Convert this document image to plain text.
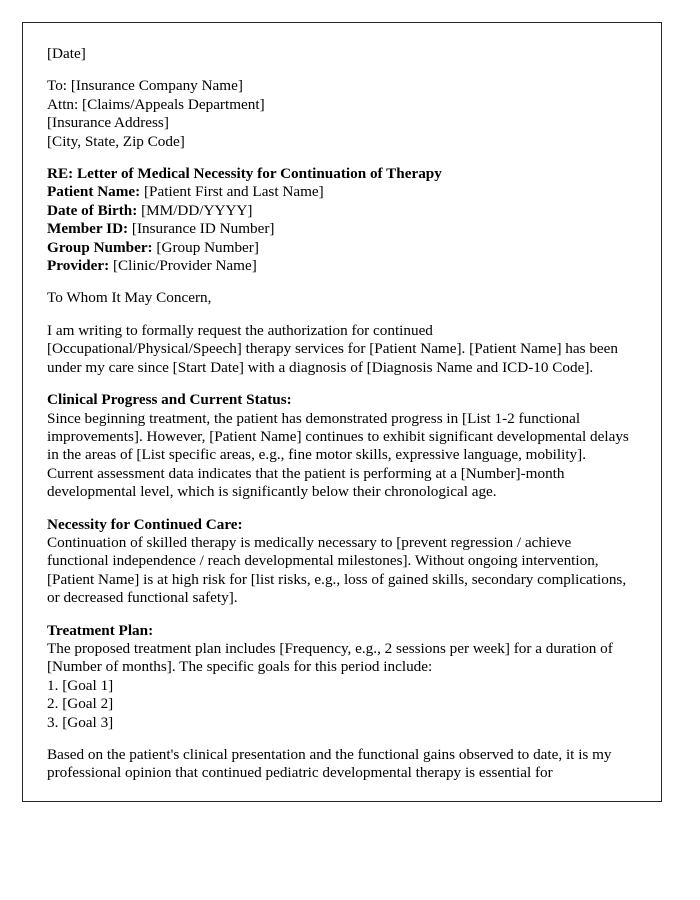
[Date]
To: [Insurance Company Name]
Attn: [Claims/Appeals Department]
[Insurance Address]
[City, State, Zip Code]
RE: Letter of Medical Necessity for Continuation of Therapy
Patient Name: [Patient First and Last Name]
Date of Birth: [MM/DD/YYYY]
Member ID: [Insurance ID Number]
Group Number: [Group Number]
Provider: [Clinic/Provider Name]
To Whom It May Concern,
I am writing to formally request the authorization for continued
[Occupational/Physical/Speech] therapy services for [Patient Name]. [Patient Name] has been under my care since [Start Date] with a diagnosis of [Diagnosis Name and ICD-10 Code].
Clinical Progress and Current Status:
Since beginning treatment, the patient has demonstrated progress in [List 1-2 functional improvements]. However, [Patient Name] continues to exhibit significant developmental delays in the areas of [List specific areas, e.g., fine motor skills, expressive language, mobility]. Current assessment data indicates that the patient is performing at a [Number]-month developmental level, which is significantly below their chronological age.
Necessity for Continued Care:
Continuation of skilled therapy is medically necessary to [prevent regression / achieve functional independence / reach developmental milestones]. Without ongoing intervention, [Patient Name] is at high risk for [list risks, e.g., loss of gained skills, secondary complications, or decreased functional safety].
Treatment Plan:
The proposed treatment plan includes [Frequency, e.g., 2 sessions per week] for a duration of [Number of months]. The specific goals for this period include:
1. [Goal 1]
2. [Goal 2]
3. [Goal 3]
Based on the patient's clinical presentation and the functional gains observed to date, it is my professional opinion that continued pediatric developmental therapy is essential for
